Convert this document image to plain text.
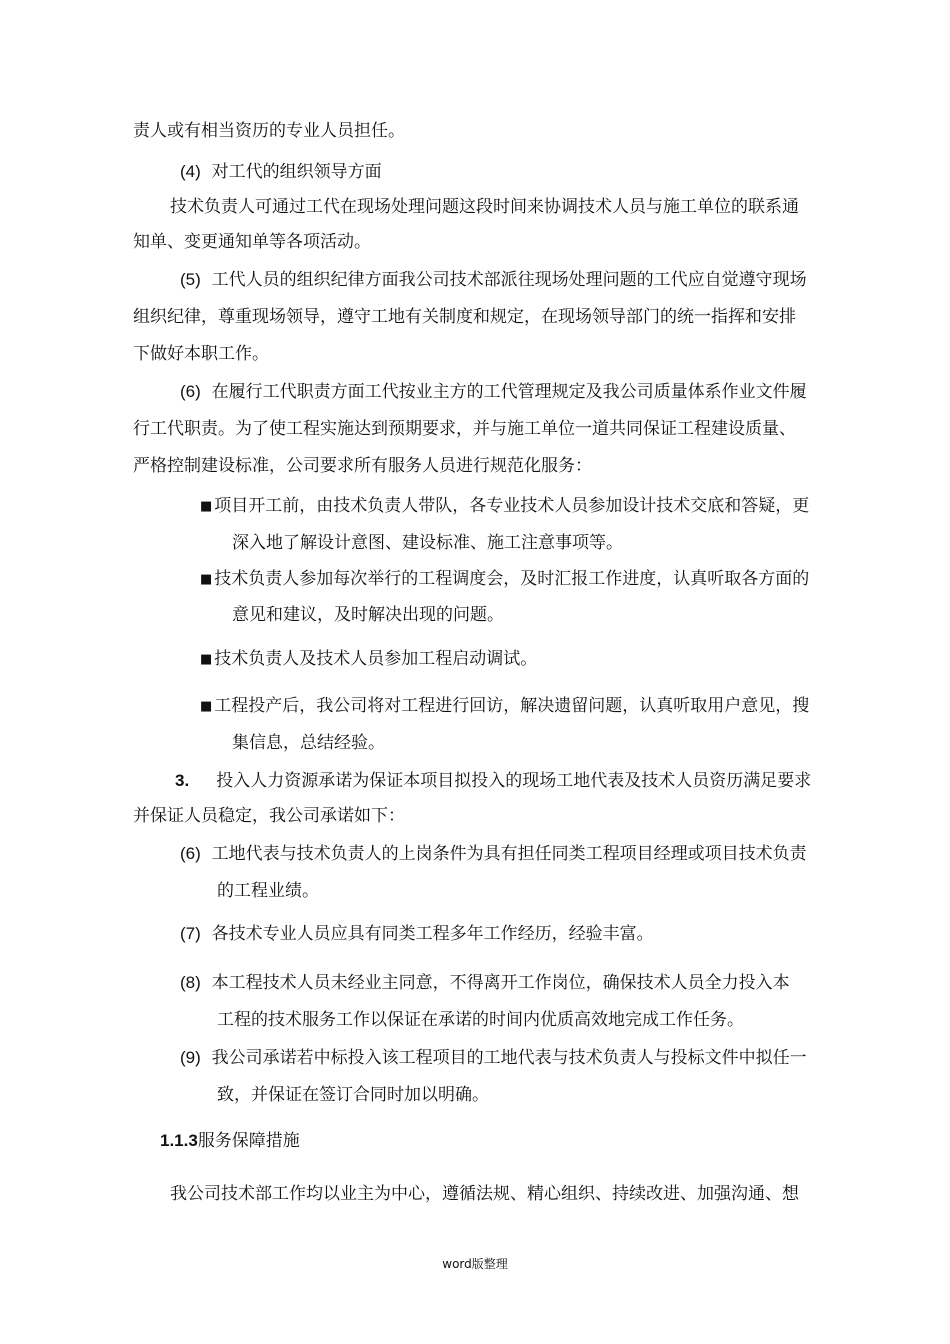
责人或有相当资历的专业人员担任。
(4) 对工代的组织领导方面
技术负责人可通过工代在现场处理问题这段时间来协调技术人员与施工单位的联系通
知单、变更通知单等各项活动。
(5) 工代人员的组织纪律方面我公司技术部派往现场处理问题的工代应自觉遵守现场
组织纪律，尊重现场领导，遵守工地有关制度和规定，在现场领导部门的统一指挥和安排
下做好本职工作。
(6) 在履行工代职责方面工代按业主方的工代管理规定及我公司质量体系作业文件履
行工代职责。为了使工程实施达到预期要求，并与施工单位一道共同保证工程建设质量、
严格控制建设标准，公司要求所有服务人员进行规范化服务：
■ 项目开工前，由技术负责人带队，各专业技术人员参加设计技术交底和答疑，更
深入地了解设计意图、建设标准、施工注意事项等。
■ 技术负责人参加每次举行的工程调度会，及时汇报工作进度，认真听取各方面的
意见和建议，及时解决出现的问题。
■ 技术负责人及技术人员参加工程启动调试。
■ 工程投产后，我公司将对工程进行回访，解决遗留问题，认真听取用户意见，搜
集信息，总结经验。
3. 投入人力资源承诺为保证本项目拟投入的现场工地代表及技术人员资历满足要求
并保证人员稳定，我公司承诺如下：
(6) 工地代表与技术负责人的上岗条件为具有担任同类工程项目经理或项目技术负责
的工程业绩。
(7) 各技术专业人员应具有同类工程多年工作经历，经验丰富。
(8) 本工程技术人员未经业主同意，不得离开工作岗位，确保技术人员全力投入本
工程的技术服务工作以保证在承诺的时间内优质高效地完成工作任务。
(9) 我公司承诺若中标投入该工程项目的工地代表与技术负责人与投标文件中拟任一
致，并保证在签订合同时加以明确。
1.1.3服务保障措施
我公司技术部工作均以业主为中心，遵循法规、精心组织、持续改进、加强沟通、想
word版整理
